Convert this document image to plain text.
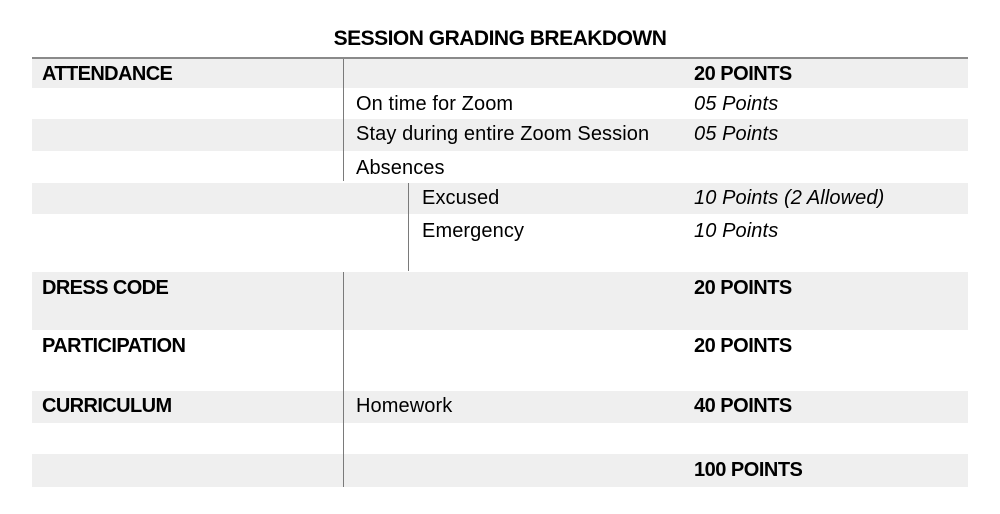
SESSION GRADING BREAKDOWN
ATTENDANCE	20 POINTS
On time for Zoom	05 Points
Stay during entire Zoom Session 05 Points
Absences
Excused	10 Points (2 Allowed)
Emergency	10 Points
DRESS CODE	20 POINTS
PARTICIPATION	20 POINTS
CURRICULUM	Homework	40 POINTS
100 POINTS
